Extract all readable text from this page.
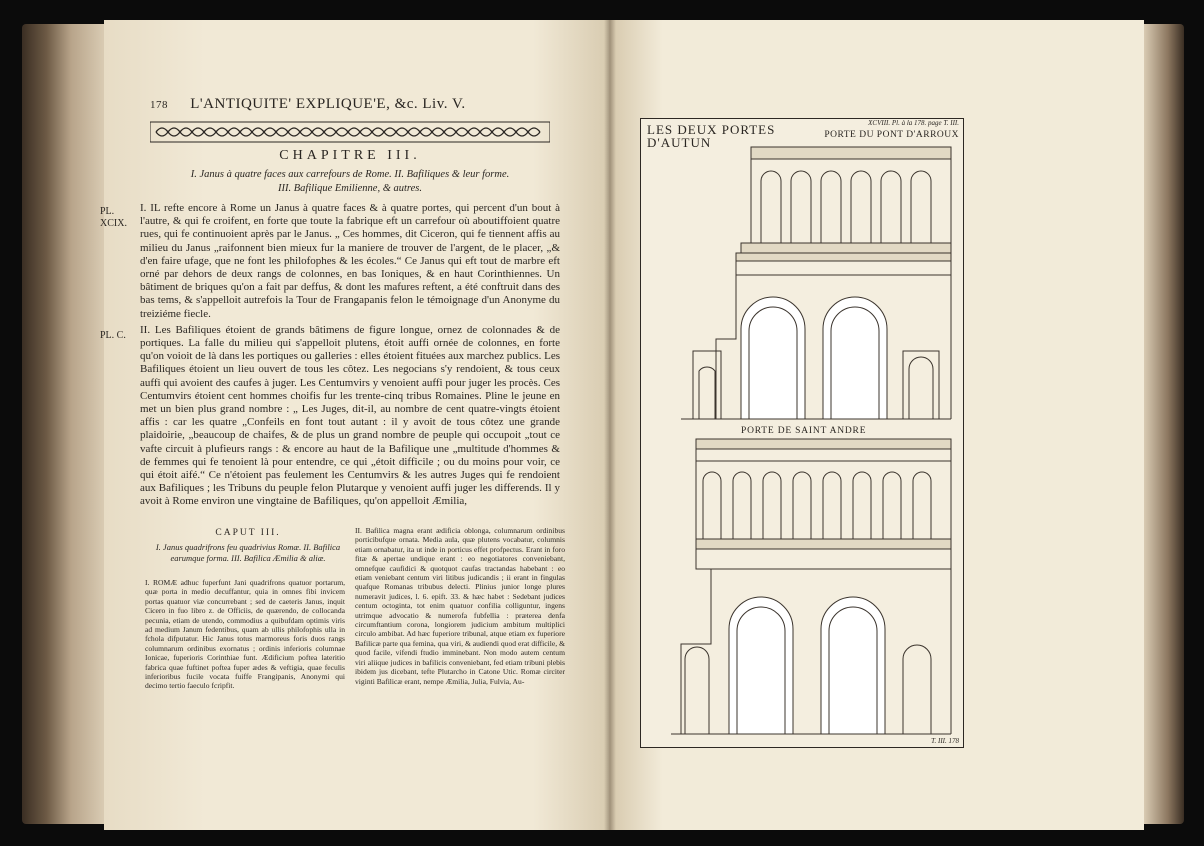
178 L'ANTIQUITE' EXPLIQUE'E, &c. Liv. V.
CHAPITRE III.
I. Janus à quatre faces aux carrefours de Rome. II. Bafiliques & leur forme.
III. Bafilique Emilienne, & autres.
PL. XCIX.
PL. C.

I. IL refte encore à Rome un Janus à quatre faces & à quatre portes, qui percent d'un bout à l'autre, & qui fe croifent, en forte que toute la fabrique eft un carrefour où aboutiffoient quatre rues, qui fe continuoient après par le Janus. „ Ces hommes, dit Ciceron, qui fe tiennent affis au milieu du Janus „raifonnent bien mieux fur la maniere de trouver de l'argent, de le placer, „& d'en faire ufage, que ne font les philofophes & les écoles.“ Ce Janus qui eft tout de marbre eft orné par dehors de deux rangs de colonnes, en bas Ioniques, & en haut Corinthiennes. Un bâtiment de briques qu'on a fait par deffus, & dont les mafures reftent, a été conftruit dans des bas tems, & s'appelloit autrefois la Tour de Frangapanis felon le témoignage d'un Anonyme du treiziéme fiecle.

II. Les Bafiliques étoient de grands bâtimens de figure longue, ornez de colonnades & de portiques. La falle du milieu qui s'appelloit plutens, étoit auffi ornée de colonnes, en forte qu'on voioit de là dans les portiques ou galleries : elles étoient fituées aux marchez publics. Les Bafiliques étoient un lieu ouvert de tous les côtez. Les negocians s'y rendoient, & tous ceux auffi qui avoient des caufes à juger. Les Centumvirs y venoient auffi pour juger les procès. Ces Centumvirs étoient cent hommes choifis fur les trente-cinq tribus Romaines. Pline le jeune en met un bien plus grand nombre : „ Les Juges, dit-il, au nombre de cent quatre-vingts étoient affis : car les quatre „Confeils en font tout autant : il y avoit de tous côtez une grande plaidoirie, „beaucoup de chaifes, & de plus un grand nombre de peuple qui occupoit „tout ce vafte circuit à plufieurs rangs : & encore au haut de la Bafilique une „multitude d'hommes & de femmes qui fe tenoient là pour entendre, ce qui „étoit difficile ; ou du moins pour voir, ce qui étoit aifé.“ Ce n'étoient pas feulement les Centumvirs & les autres Juges qui fe rendoient aux Bafiliques ; les Tribuns du peuple felon Plutarque y venoient auffi juger les differends. Il y avoit à Rome environ une vingtaine de Bafiliques, qu'on appelloit Æmilia,

CAPUT III.
I. Janus quadrifrons feu quadrivius Romæ. II. Bafilica earumque forma. III. Bafilica Æmilia & aliæ.
I. ROMÆ adhuc fuperfunt Jani quadrifrons quatuor portarum, quæ porta in medio decuffantur, quia in omnes fibi invicem portas quatuor viæ concurrebant ; sed de caeteris Janus, inquit Cicero in fuo libro z. de Officiis, de quærendo, de collocanda pecunia, etiam de utendo, commodius a quibufdam optimis viris ad medium Janum fedentibus, quam ab ullis philofophis ulla in fchola difputatur. Hic Janus totus marmoreus foris duos rangs columnarum ordinibus exornatus ; ordinis inferioris columnae Ionicae, fuperioris Corinthiae funt. Ædificium poftea lateritio fabrica quae fuftinet poftea fuper ædes & veftigia, quae feculis inferioribus fucile vocata fuiffe Frangipanis, Anonymi qui decimo tertio faeculo fcripfit.
II. Bafilica magna erant ædificia oblonga, columnarum ordinibus porticibufque ornata. Media aula, quæ plutens vocabatur, columnis etiam ornabatur, ita ut inde in porticus effet profpectus. Erant in foro fitæ & apertae undique erant : eo negotiatores conveniebant, omnefque caufidici & quotquot caufas tractandas habebant : eo etiam veniebant centum viri litibus judicandis ; ii erant in fingulas quafque Romanas tribubus delecti. Plinius junior longe plures numeravit judices, l. 6. epift. 33. & hæc habet : Sedebant judices centum octoginta, tot enim quatuor confilia colliguntur, ingens utrimque advocatio & numerofa fubfellia : præterea denfa circumftantium corona, longiorem judicium ambitum multiplici circulo ambibat. Ad hæc fuperiore tribunal, atque etiam ex fuperiore Bafilicæ parte qua femina, qua viri, & audiendi quod erat difficile, & quod facile, vifendi ftudio imminebant. Non modo autem centum viri aliique judices in bafilicis conveniebant, fed etiam tribuni plebis ibidem jus dicebant, tefte Plutarcho in Catone Utic. Romæ circiter viginti Bafilicæ erant, nempe Æmilia, Julia, Fulvia, Au-
LES DEUX PORTES D'AUTUN
XCVIII. Pl. à la 178. page T. III.
PORTE DU PONT D'ARROUX
PORTE DE SAINT ANDRE
T. III. 178
